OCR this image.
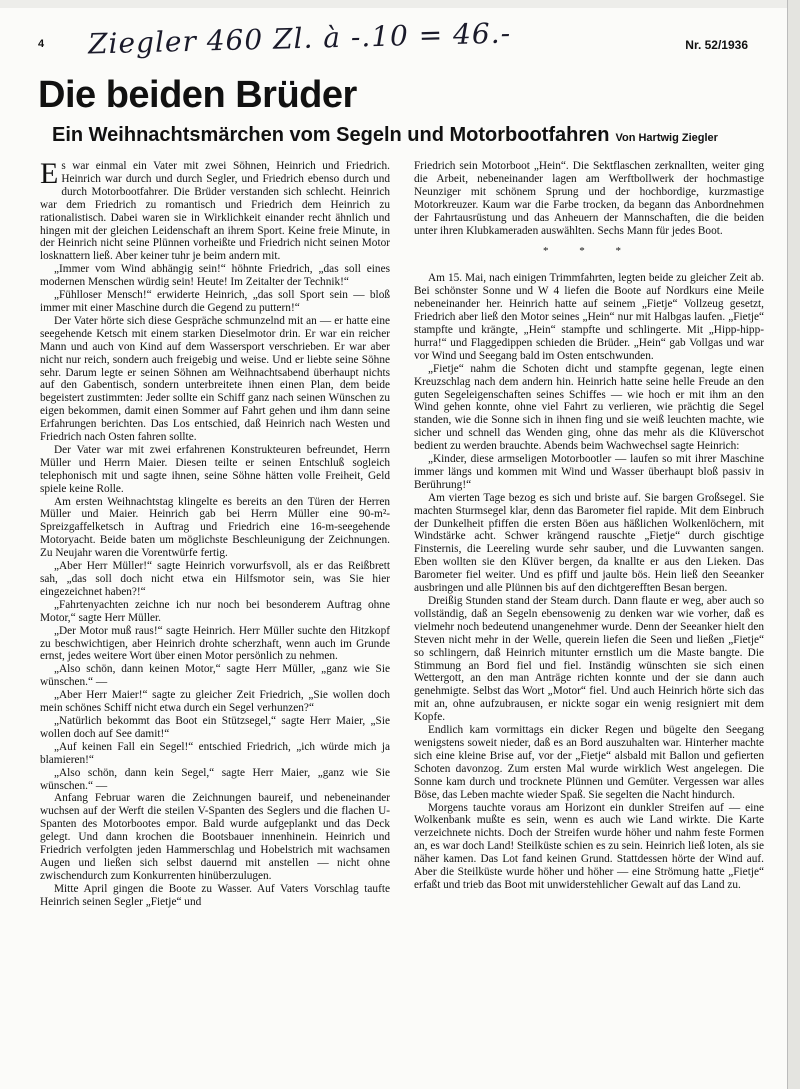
4 Ziegler 460 Zl. à -.10 = 46.-	Nr. 52/1936
Die beiden Brüder
Ein Weihnachtsmärchen vom Segeln und Motorbootfahren Von Hartwig Ziegler

Es war einmal ein Vater mit zwei Söhnen, Heinrich und Friedrich. Heinrich war durch und durch Segler, und Friedrich ebenso durch und durch Motorbootfahrer. Die Brüder verstanden sich schlecht. Heinrich war dem Friedrich zu romantisch und Friedrich dem Heinrich zu rationalistisch. Dabei waren sie in Wirklichkeit einander recht ähnlich und hingen mit der gleichen Leidenschaft an ihrem Sport. Keine freie Minute, in der Heinrich nicht seine Plünnen vorheißte und Friedrich nicht seinen Motor losknattern ließ. Aber keiner tuhr je beim andern mit.

„Immer vom Wind abhängig sein!“ höhnte Friedrich, „das soll eines modernen Menschen würdig sein! Heute! Im Zeitalter der Technik!“

„Fühlloser Mensch!“ erwiderte Heinrich, „das soll Sport sein — bloß immer mit einer Maschine durch die Gegend zu puttern!“

Der Vater hörte sich diese Gespräche schmunzelnd mit an — er hatte eine seegehende Ketsch mit einem starken Dieselmotor drin. Er war ein reicher Mann und auch von Kind auf dem Wassersport verschrieben. Er war aber nicht nur reich, sondern auch freigebig und weise. Und er liebte seine Söhne sehr. Darum legte er seinen Söhnen am Weihnachtsabend überhaupt nichts auf den Gabentisch, sondern unterbreitete ihnen einen Plan, dem beide begeistert zustimmten: Jeder sollte ein Schiff ganz nach seinen Wünschen zu eigen bekommen, damit einen Sommer auf Fahrt gehen und ihm dann seine Erfahrungen berichten. Das Los entschied, daß Heinrich nach Westen und Friedrich nach Osten fahren sollte.

Der Vater war mit zwei erfahrenen Konstrukteuren befreundet, Herrn Müller und Herrn Maier. Diesen teilte er seinen Entschluß sogleich telephonisch mit und sagte ihnen, seine Söhne hätten volle Freiheit, Geld spiele keine Rolle.

Am ersten Weihnachtstag klingelte es bereits an den Türen der Herren Müller und Maier. Heinrich gab bei Herrn Müller eine 90-m²-Spreizgaffelketsch in Auftrag und Friedrich eine 16-m-seegehende Motoryacht. Beide baten um möglichste Beschleunigung der Zeichnungen. Zu Neujahr waren die Vorentwürfe fertig.

„Aber Herr Müller!“ sagte Heinrich vorwurfsvoll, als er das Reißbrett sah, „das soll doch nicht etwa ein Hilfsmotor sein, was Sie hier eingezeichnet haben?!“

„Fahrtenyachten zeichne ich nur noch bei besonderem Auftrag ohne Motor,“ sagte Herr Müller.

„Der Motor muß raus!“ sagte Heinrich. Herr Müller suchte den Hitzkopf zu beschwichtigen, aber Heinrich drohte scherzhaft, wenn auch im Grunde ernst, jedes weitere Wort über einen Motor persönlich zu nehmen.

„Also schön, dann keinen Motor,“ sagte Herr Müller, „ganz wie Sie wünschen.“ —

„Aber Herr Maier!“ sagte zu gleicher Zeit Friedrich, „Sie wollen doch mein schönes Schiff nicht etwa durch ein Segel verhunzen?“

„Natürlich bekommt das Boot ein Stützsegel,“ sagte Herr Maier, „Sie wollen doch auf See damit!“

„Auf keinen Fall ein Segel!“ entschied Friedrich, „ich würde mich ja blamieren!“

„Also schön, dann kein Segel,“ sagte Herr Maier, „ganz wie Sie wünschen.“ —

Anfang Februar waren die Zeichnungen baureif, und nebeneinander wuchsen auf der Werft die steilen V-Spanten des Seglers und die flachen U-Spanten des Motorbootes empor. Bald wurde aufgeplankt und das Deck gelegt. Und dann krochen die Bootsbauer innenhinein. Heinrich und Friedrich verfolgten jeden Hammerschlag und Hobelstrich mit wachsamen Augen und ließen sich selbst dauernd mit anstellen — nicht ohne zwischendurch zum Konkurrenten hinüberzulugen.

Mitte April gingen die Boote zu Wasser. Auf Vaters Vorschlag taufte Heinrich seinen Segler „Fietje“ und

Friedrich sein Motorboot „Hein“. Die Sektflaschen zerknallten, weiter ging die Arbeit, nebeneinander lagen am Werftbollwerk der hochmastige Neunziger mit schönem Sprung und der hochbordige, kurzmastige Motorkreuzer. Kaum war die Farbe trocken, da begann das Anbordnehmen der Fahrtausrüstung und das Anheuern der Mannschaften, die die beiden unter ihren Klubkameraden auswählten. Sechs Mann für jedes Boot.

* * *

Am 15. Mai, nach einigen Trimmfahrten, legten beide zu gleicher Zeit ab. Bei schönster Sonne und W 4 liefen die Boote auf Nordkurs eine Meile nebeneinander her. Heinrich hatte auf seinem „Fietje“ Vollzeug gesetzt, Friedrich aber ließ den Motor seines „Hein“ nur mit Halbgas laufen. „Fietje“ stampfte und krängte, „Hein“ stampfte und schlingerte. Mit „Hipp-hipp-hurra!“ und Flaggedippen schieden die Brüder. „Hein“ gab Vollgas und war vor Wind und Seegang bald im Osten entschwunden.

„Fietje“ nahm die Schoten dicht und stampfte gegenan, legte einen Kreuzschlag nach dem andern hin. Heinrich hatte seine helle Freude an den guten Segeleigenschaften seines Schiffes — wie hoch er mit ihm an den Wind gehen konnte, ohne viel Fahrt zu verlieren, wie prächtig die Segel standen, wie die Sonne sich in ihnen fing und sie weiß leuchten machte, wie sicher und schnell das Wenden ging, ohne das mehr als die Klüverschot bedient zu werden brauchte. Abends beim Wachwechsel sagte Heinrich:

„Kinder, diese armseligen Motorbootler — laufen so mit ihrer Maschine immer längs und kommen mit Wind und Wasser überhaupt bloß passiv in Berührung!“

Am vierten Tage bezog es sich und briste auf. Sie bargen Großsegel. Sie machten Sturmsegel klar, denn das Barometer fiel rapide. Mit dem Einbruch der Dunkelheit pfiffen die ersten Böen aus häßlichen Wolkenlöchern, mit Windstärke acht. Schwer krängend rauschte „Fietje“ durch gischtige Finsternis, die Leereling wurde sehr sauber, und die Luvwanten sangen. Eben wollten sie den Klüver bergen, da knallte er aus den Lieken. Das Barometer fiel weiter. Und es pfiff und jaulte bös. Hein ließ den Seeanker ausbringen und alle Plünnen bis auf den dichtgerefften Besan bergen.

Dreißig Stunden stand der Steam durch. Dann flaute er weg, aber auch so vollständig, daß an Segeln ebensowenig zu denken war wie vorher, daß es vielmehr noch bedeutend unangenehmer wurde. Denn der Seeanker hielt den Steven nicht mehr in der Welle, querein liefen die Seen und ließen „Fietje“ so schlingern, daß Heinrich mitunter ernstlich um die Maste bangte. Die Stimmung an Bord fiel und fiel. Inständig wünschten sie sich einen Wettergott, an den man Anträge richten konnte und der sie dann auch genehmigte. Selbst das Wort „Motor“ fiel. Und auch Heinrich hörte sich das mit an, ohne aufzubrausen, er nickte sogar ein wenig resigniert mit dem Kopfe.

Endlich kam vormittags ein dicker Regen und bügelte den Seegang wenigstens soweit nieder, daß es an Bord auszuhalten war. Hinterher machte sich eine kleine Brise auf, vor der „Fietje“ alsbald mit Ballon und gefierten Schoten davonzog. Zum ersten Mal wurde wirklich West angelegen. Die Sonne kam durch und trocknete Plünnen und Gemüter. Vergessen war alles Böse, das Leben machte wieder Spaß. Sie segelten die Nacht hindurch.

Morgens tauchte voraus am Horizont ein dunkler Streifen auf — eine Wolkenbank mußte es sein, wenn es auch wie Land wirkte. Die Karte verzeichnete nichts. Doch der Streifen wurde höher und nahm feste Formen an, es war doch Land! Steilküste schien es zu sein. Heinrich ließ loten, als sie näher kamen. Das Lot fand keinen Grund. Stattdessen hörte der Wind auf. Aber die Steilküste wurde höher und höher — eine Strömung hatte „Fietje“ erfaßt und trieb das Boot mit unwiderstehlicher Gewalt auf das Land zu.
